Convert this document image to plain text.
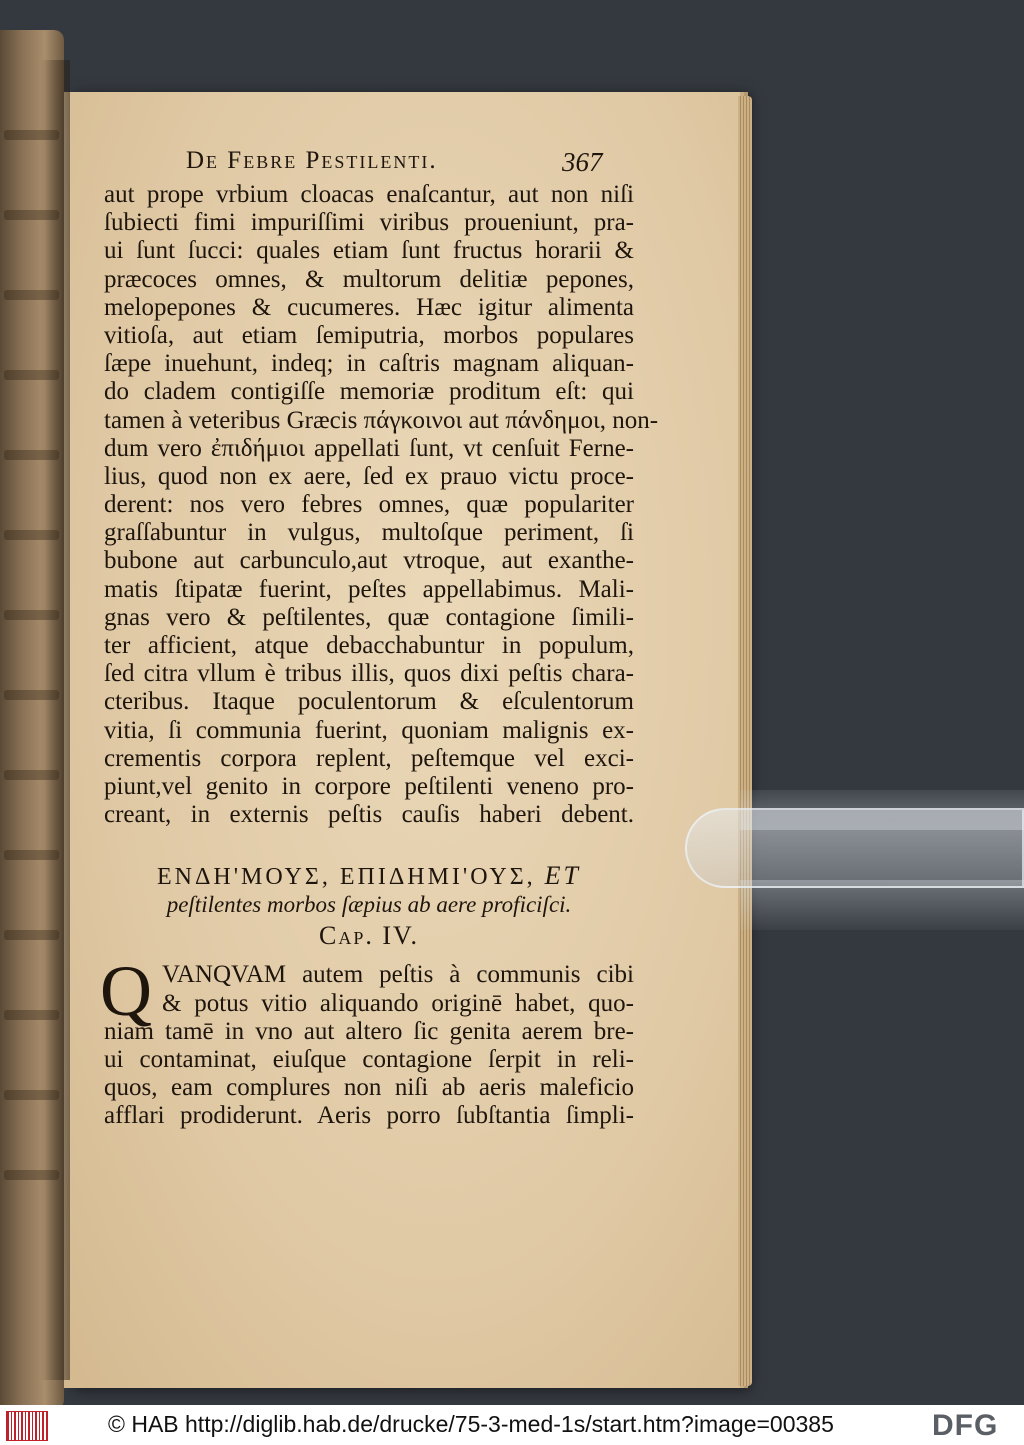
De Febre Pestilenti.	367
aut prope vrbium cloacas enaſcantur, aut non niſi
ſubiecti fimi impuriſſimi viribus proueniunt, pra-
ui ſunt ſucci: quales etiam ſunt fructus horarii &
præcoces omnes, & multorum delitiæ pepones,
melopepones & cucumeres. Hæc igitur alimenta
vitioſa, aut etiam ſemiputria, morbos populares
ſæpe inuehunt, indeq; in caſtris magnam aliquan-
do cladem contigiſſe memoriæ proditum eſt: qui
tamen à veteribus Græcis πάγκοινοι aut πάνδημοι, non-
dum vero ἐπιδήμιοι appellati ſunt, vt cenſuit Ferne-
lius, quod non ex aere, ſed ex prauo victu proce-
derent: nos vero febres omnes, quæ populariter
graſſabuntur in vulgus, multoſque periment, ſi
bubone aut carbunculo,aut vtroque, aut exanthe-
matis ſtipatæ fuerint, peſtes appellabimus. Mali-
gnas vero & peſtilentes, quæ contagione ſimili-
ter afficient, atque debacchabuntur in populum,
ſed citra vllum è tribus illis, quos dixi peſtis chara-
cteribus. Itaque poculentorum & eſculentorum
vitia, ſi communia fuerint, quoniam malignis ex-
crementis corpora replent, peſtemque vel exci-
piunt,vel genito in corpore peſtilenti veneno pro-
creant, in externis peſtis cauſis haberi debent.
ΕΝΔΗ'ΜΟΥΣ, ΕΠΙΔΗΜΙ'ΟΥΣ, ET
peſtilentes morbos ſæpius ab aere proficiſci.
Cap. IV.
Q VANQVAM autem peſtis à communis cibi
& potus vitio aliquando originē habet, quo-
niam tamē in vno aut altero ſic genita aerem bre-
ui contaminat, eiuſque contagione ſerpit in reli-
quos, eam complures non niſi ab aeris maleficio
afflari prodiderunt. Aeris porro ſubſtantia ſimpli-
© HAB http://diglib.hab.de/drucke/75-3-med-1s/start.htm?image=00385	DFG
